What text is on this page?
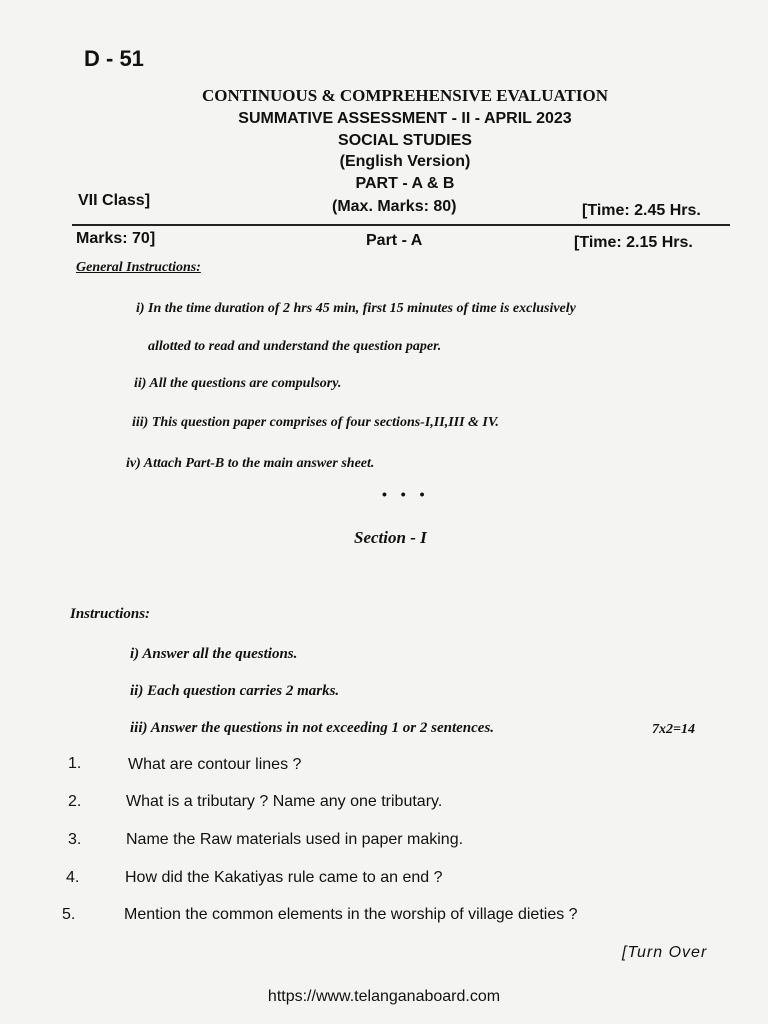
D - 51
CONTINUOUS & COMPREHENSIVE EVALUATION
SUMMATIVE ASSESSMENT - II - APRIL 2023
SOCIAL STUDIES
(English Version)
PART - A & B
VII Class]	(Max. Marks: 80)	[Time: 2.45 Hrs.
Marks: 70]	Part - A	[Time: 2.15 Hrs.
General Instructions:
i) In the time duration of 2 hrs 45 min, first 15 minutes of time is exclusively
allotted to read and understand the question paper.
ii) All the questions are compulsory.
iii) This question paper comprises of four sections-I,II,III & IV.
iv) Attach Part-B to the main answer sheet.
• • •
Section - I
Instructions:
i) Answer all the questions.
ii) Each question carries 2 marks.
iii) Answer the questions in not exceeding 1 or 2 sentences.	7x2=14
1.	What are contour lines ?
2.	What is a tributary ? Name any one tributary.
3.	Name the Raw materials used in paper making.
4.	How did the Kakatiyas rule came to an end ?
5.	Mention the common elements in the worship of village dieties ?
[Turn Over
https://www.telanganaboard.com
